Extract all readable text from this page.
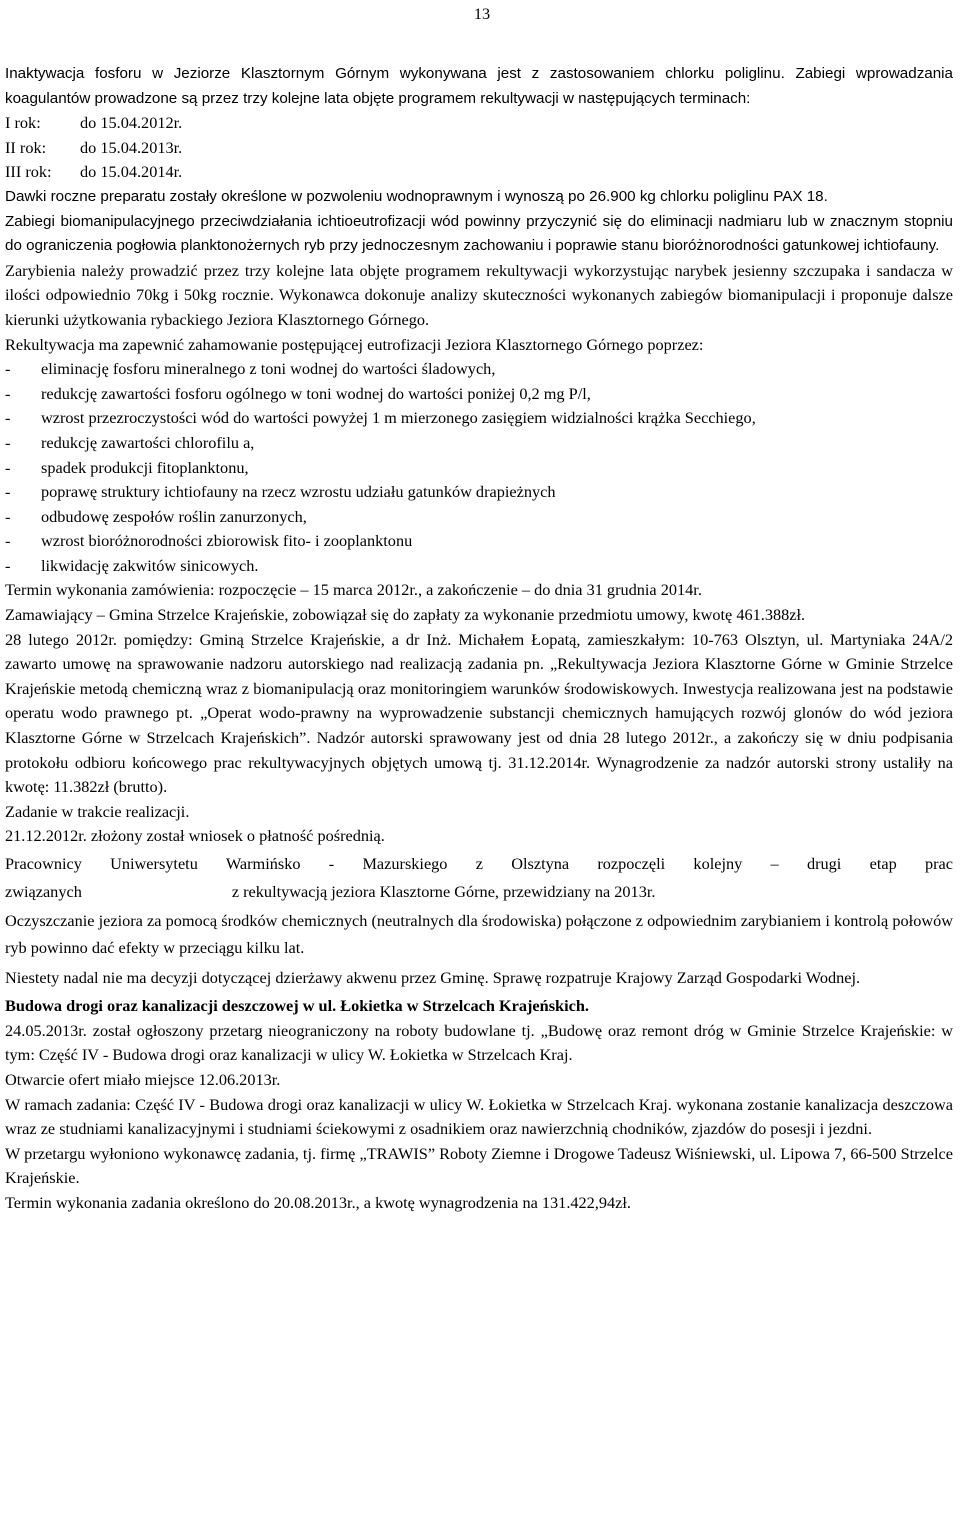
13

Inaktywacja fosforu w Jeziorze Klasztornym Górnym wykonywana jest z zastosowaniem chlorku poliglinu. Zabiegi wprowadzania koagulantów prowadzone są przez trzy kolejne lata objęte programem rekultywacji w następujących terminach:

I rok:	do 15.04.2012r.
II rok:	do 15.04.2013r.
III rok:	do 15.04.2014r.

Dawki roczne preparatu zostały określone w pozwoleniu wodnoprawnym i wynoszą po 26.900 kg chlorku poliglinu PAX 18.

Zabiegi biomanipulacyjnego przeciwdziałania ichtioeutrofizacji wód powinny przyczynić się do eliminacji nadmiaru lub w znacznym stopniu do ograniczenia pogłowia planktonożernych ryb przy jednoczesnym zachowaniu i poprawie stanu bioróżnorodności gatunkowej ichtiofauny.

Zarybienia należy prowadzić przez trzy kolejne lata objęte programem rekultywacji wykorzystując narybek jesienny szczupaka i sandacza w ilości odpowiednio 70kg i 50kg rocznie. Wykonawca dokonuje analizy skuteczności wykonanych zabiegów biomanipulacji i proponuje dalsze kierunki użytkowania rybackiego Jeziora Klasztornego Górnego.

Rekultywacja ma zapewnić zahamowanie postępującej eutrofizacji Jeziora Klasztornego Górnego poprzez:

-	eliminację fosforu mineralnego z toni wodnej do wartości śladowych,
-	redukcję zawartości fosforu ogólnego w toni wodnej do wartości poniżej 0,2 mg P/l,
-	wzrost przezroczystości wód do wartości powyżej 1 m mierzonego zasięgiem widzialności krążka Secchiego,
-	redukcję zawartości chlorofilu a,
-	spadek produkcji fitoplanktonu,
-	poprawę struktury ichtiofauny na rzecz wzrostu udziału gatunków drapieżnych
-	odbudowę zespołów roślin zanurzonych,
-	wzrost bioróżnorodności zbiorowisk fito- i zooplanktonu
-	likwidację zakwitów sinicowych.

Termin wykonania zamówienia: rozpoczęcie – 15 marca 2012r., a zakończenie – do dnia 31 grudnia 2014r.

Zamawiający – Gmina Strzelce Krajeńskie, zobowiązał się do zapłaty za wykonanie przedmiotu umowy, kwotę 461.388zł.

28 lutego 2012r. pomiędzy: Gminą Strzelce Krajeńskie, a dr Inż. Michałem Łopatą, zamieszkałym: 10-763 Olsztyn, ul. Martyniaka 24A/2 zawarto umowę na sprawowanie nadzoru autorskiego nad realizacją zadania pn. „Rekultywacja Jeziora Klasztorne Górne w Gminie Strzelce Krajeńskie metodą chemiczną wraz z biomanipulacją oraz monitoringiem warunków środowiskowych. Inwestycja realizowana jest na podstawie operatu wodo prawnego pt. „Operat wodo-prawny na wyprowadzenie substancji chemicznych hamujących rozwój glonów do wód jeziora Klasztorne Górne w Strzelcach Krajeńskich”. Nadzór autorski sprawowany jest od dnia 28 lutego 2012r., a zakończy się w dniu podpisania protokołu odbioru końcowego prac rekultywacyjnych objętych umową tj. 31.12.2014r. Wynagrodzenie za nadzór autorski strony ustaliły na kwotę: 11.382zł (brutto).

Zadanie w trakcie realizacji.

21.12.2012r. złożony został wniosek o płatność pośrednią.

Pracownicy Uniwersytetu Warmińsko - Mazurskiego z Olsztyna rozpoczęli kolejny – drugi etap prac

związanych	z rekultywacją jeziora Klasztorne Górne, przewidziany na 2013r.

Oczyszczanie jeziora za pomocą środków chemicznych (neutralnych dla środowiska) połączone z odpowiednim zarybianiem i kontrolą połowów ryb powinno dać efekty w przeciągu kilku lat.

Niestety nadal nie ma decyzji dotyczącej dzierżawy akwenu przez Gminę. Sprawę rozpatruje Krajowy Zarząd Gospodarki Wodnej.

Budowa drogi oraz kanalizacji deszczowej w ul. Łokietka w Strzelcach Krajeńskich.

24.05.2013r. został ogłoszony przetarg nieograniczony na roboty budowlane tj. „Budowę oraz remont dróg w Gminie Strzelce Krajeńskie: w tym: Część IV - Budowa drogi oraz kanalizacji w ulicy W. Łokietka w Strzelcach Kraj.

Otwarcie ofert miało miejsce 12.06.2013r.

W ramach zadania: Część IV - Budowa drogi oraz kanalizacji w ulicy W. Łokietka w Strzelcach Kraj. wykonana zostanie kanalizacja deszczowa wraz ze studniami kanalizacyjnymi i studniami ściekowymi z osadnikiem oraz nawierzchnią chodników, zjazdów do posesji i jezdni.

W przetargu wyłoniono wykonawcę zadania, tj. firmę „TRAWIS” Roboty Ziemne i Drogowe Tadeusz Wiśniewski, ul. Lipowa 7, 66-500 Strzelce Krajeńskie.

Termin wykonania zadania określono do 20.08.2013r., a kwotę wynagrodzenia na 131.422,94zł.
